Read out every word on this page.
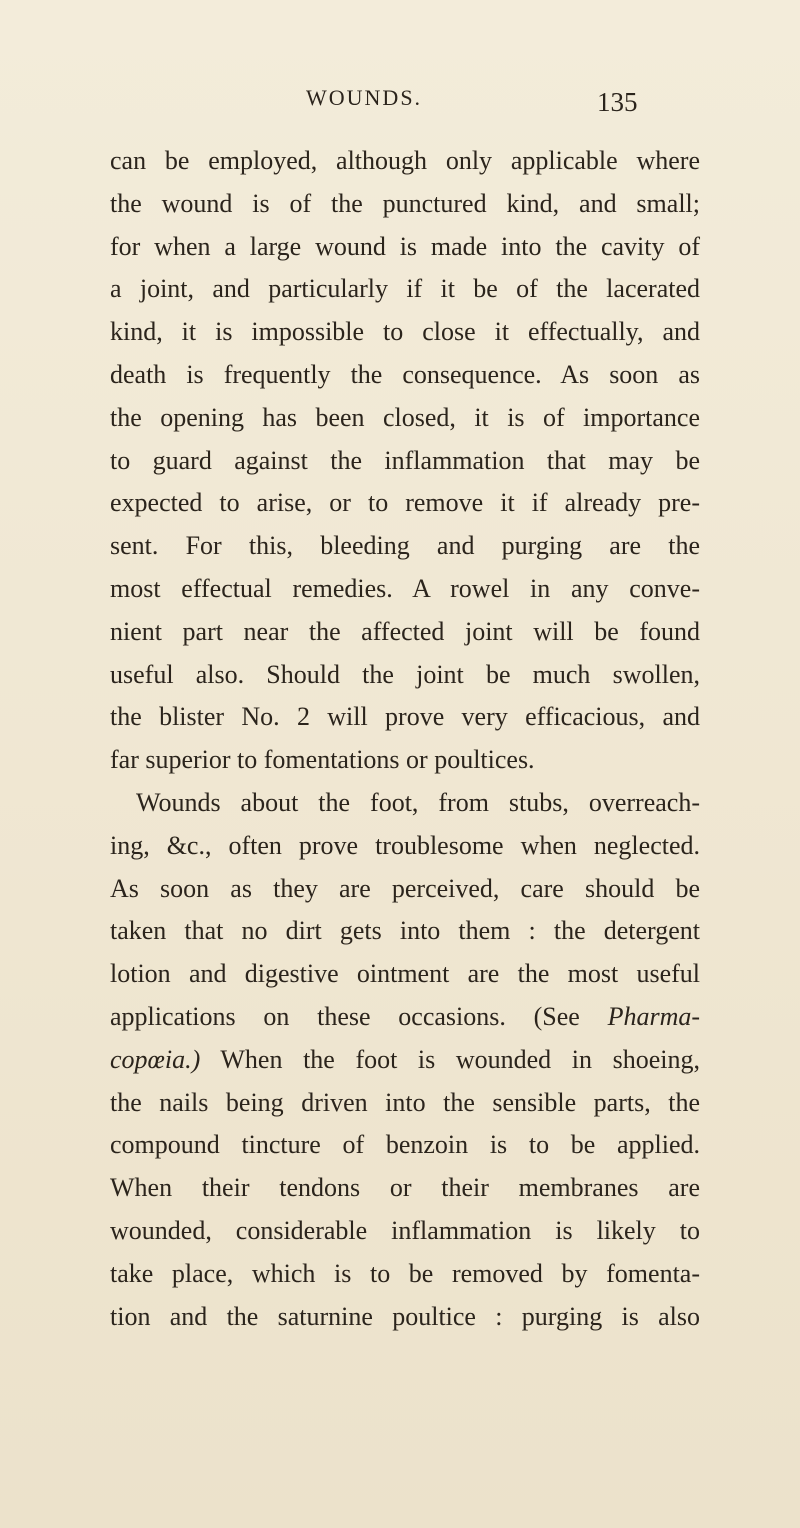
WOUNDS.	135
can be employed, although only applicable where
the wound is of the punctured kind, and small;
for when a large wound is made into the cavity of
a joint, and particularly if it be of the lacerated
kind, it is impossible to close it effectually, and
death is frequently the consequence. As soon as
the opening has been closed, it is of importance
to guard against the inflammation that may be
expected to arise, or to remove it if already pre-
sent. For this, bleeding and purging are the
most effectual remedies. A rowel in any conve-
nient part near the affected joint will be found
useful also. Should the joint be much swollen,
the blister No. 2 will prove very efficacious, and
far superior to fomentations or poultices.
Wounds about the foot, from stubs, overreach-
ing, &c., often prove troublesome when neglected.
As soon as they are perceived, care should be
taken that no dirt gets into them : the detergent
lotion and digestive ointment are the most useful
applications on these occasions. (See Pharma-
copœia.) When the foot is wounded in shoeing,
the nails being driven into the sensible parts, the
compound tincture of benzoin is to be applied.
When their tendons or their membranes are
wounded, considerable inflammation is likely to
take place, which is to be removed by fomenta-
tion and the saturnine poultice : purging is also
